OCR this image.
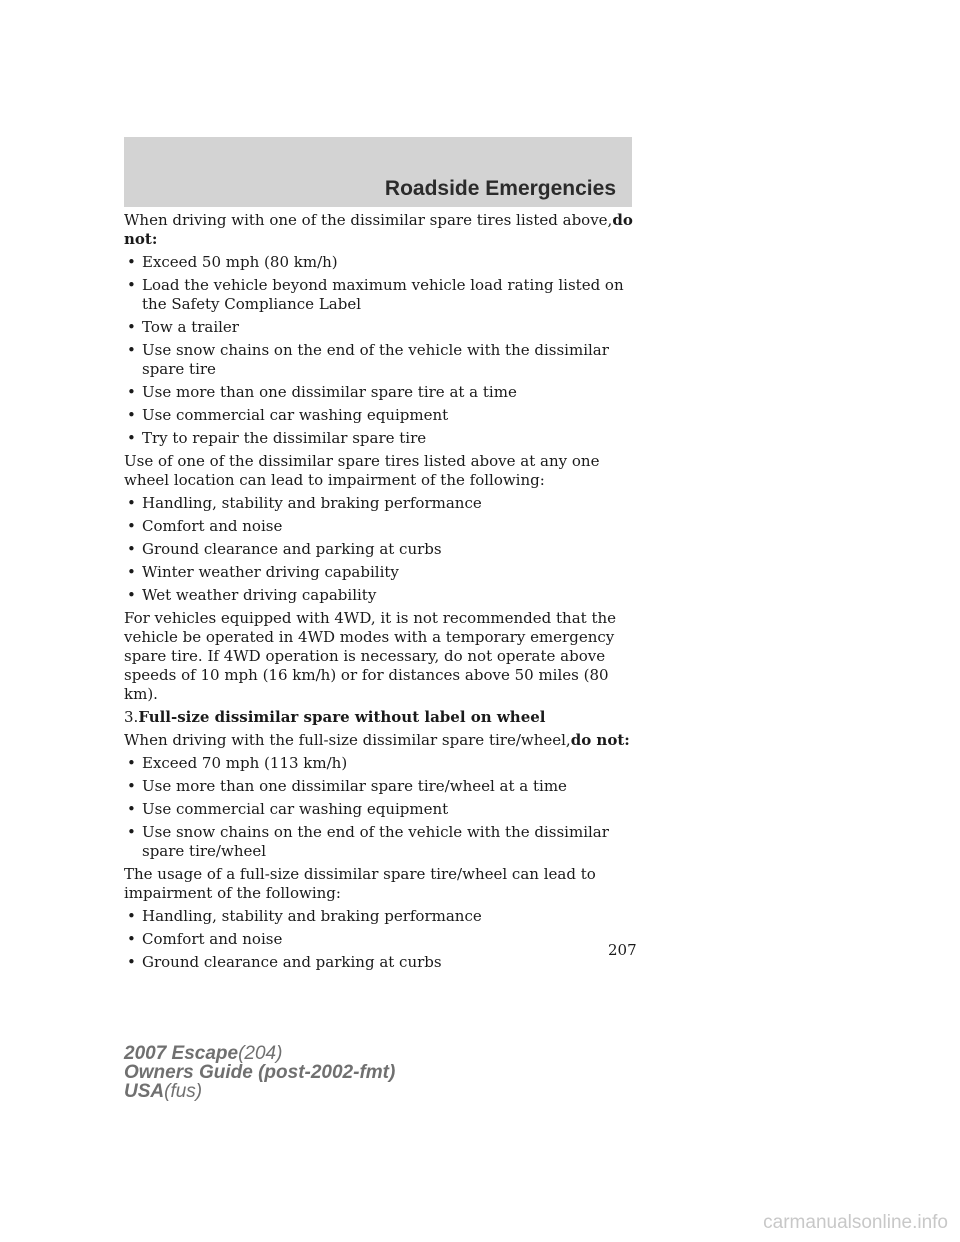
Roadside Emergencies

When driving with one of the dissimilar spare tires listed above,do not:

• Exceed 50 mph (80 km/h)

• Load the vehicle beyond maximum vehicle load rating listed on the Safety Compliance Label

• Tow a trailer

• Use snow chains on the end of the vehicle with the dissimilar spare tire

• Use more than one dissimilar spare tire at a time

• Use commercial car washing equipment

• Try to repair the dissimilar spare tire

Use of one of the dissimilar spare tires listed above at any one wheel location can lead to impairment of the following:

• Handling, stability and braking performance

• Comfort and noise

• Ground clearance and parking at curbs

• Winter weather driving capability

• Wet weather driving capability

For vehicles equipped with 4WD, it is not recommended that the vehicle be operated in 4WD modes with a temporary emergency spare tire. If 4WD operation is necessary, do not operate above speeds of 10 mph (16 km/h) or for distances above 50 miles (80 km).

3.Full-size dissimilar spare without label on wheel

When driving with the full-size dissimilar spare tire/wheel,do not:

• Exceed 70 mph (113 km/h)

• Use more than one dissimilar spare tire/wheel at a time

• Use commercial car washing equipment

• Use snow chains on the end of the vehicle with the dissimilar spare tire/wheel

The usage of a full-size dissimilar spare tire/wheel can lead to impairment of the following:

• Handling, stability and braking performance

• Comfort and noise

• Ground clearance and parking at curbs

207
2007 Escape(204)
Owners Guide (post-2002-fmt)
USA(fus)
carmanualsonline.info
